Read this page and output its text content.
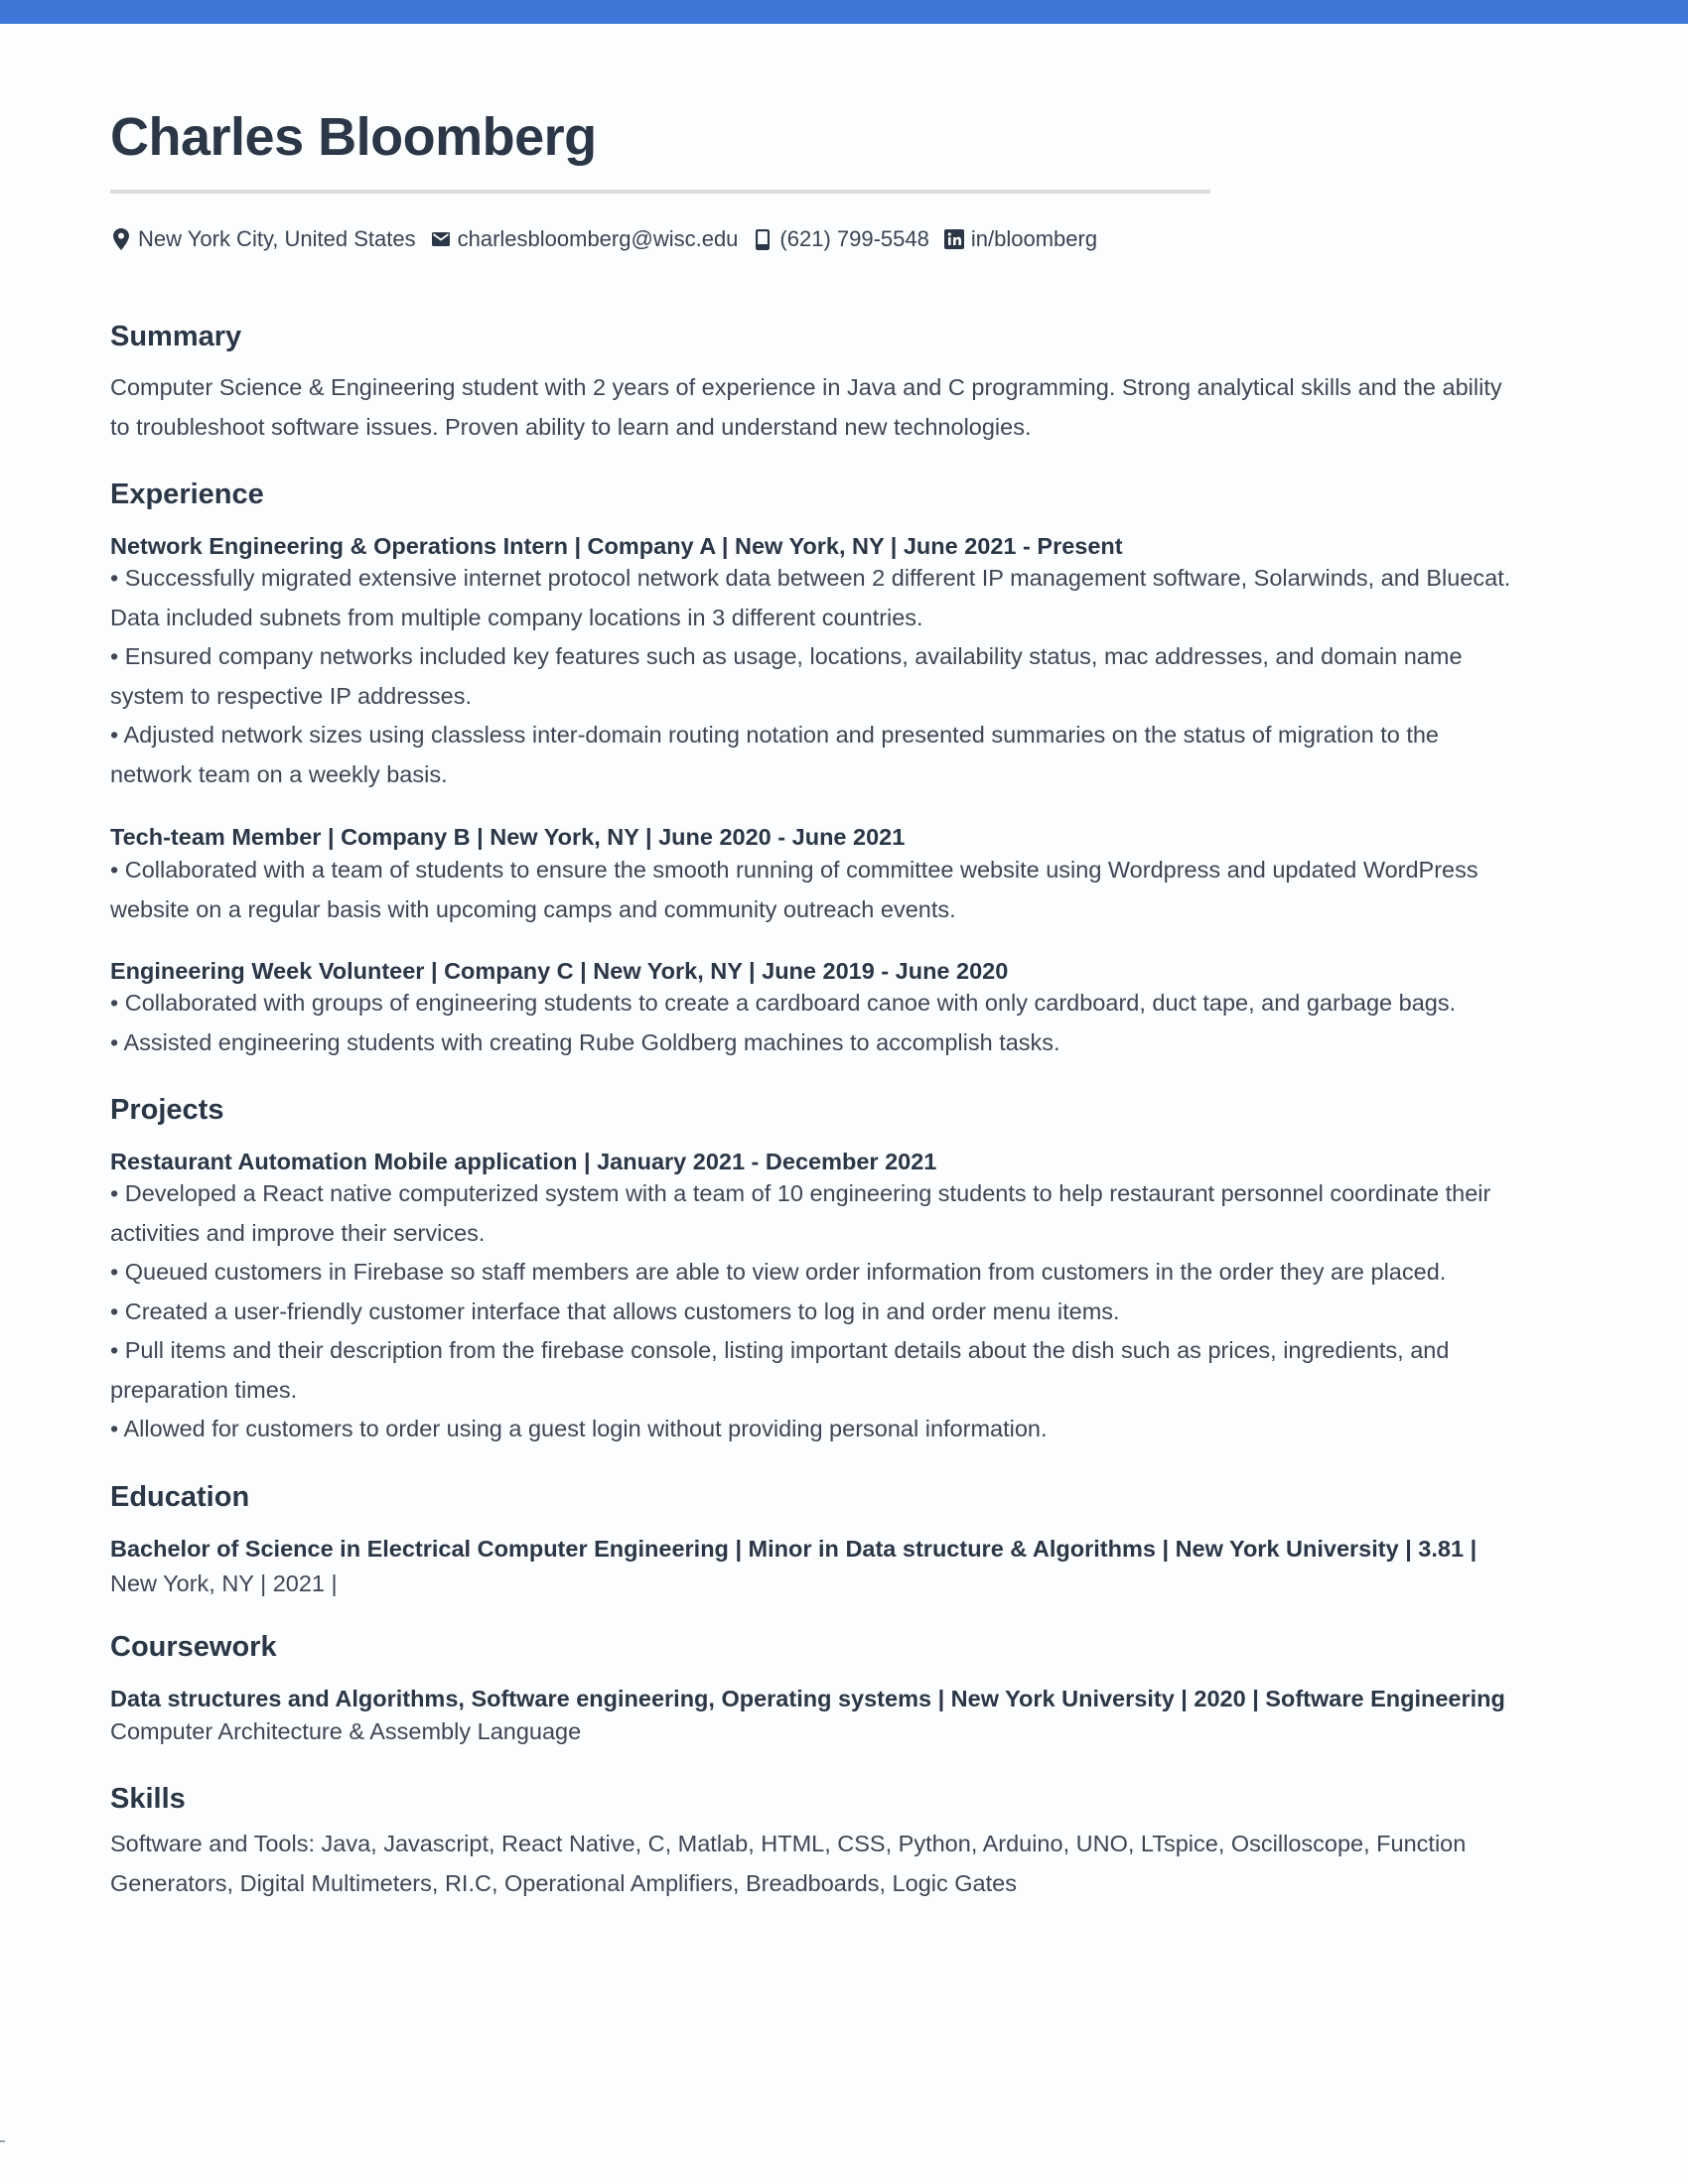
Charles Bloomberg
New York City, United States charlesbloomberg@wisc.edu (621) 799-5548 in/bloomberg
Summary
Computer Science & Engineering student with 2 years of experience in Java and C programming. Strong analytical skills and the ability
to troubleshoot software issues. Proven ability to learn and understand new technologies.
Experience
Network Engineering & Operations Intern | Company A | New York, NY | June 2021 - Present
• Successfully migrated extensive internet protocol network data between 2 different IP management software, Solarwinds, and Bluecat.
Data included subnets from multiple company locations in 3 different countries.
• Ensured company networks included key features such as usage, locations, availability status, mac addresses, and domain name
system to respective IP addresses.
• Adjusted network sizes using classless inter-domain routing notation and presented summaries on the status of migration to the
network team on a weekly basis.
Tech-team Member | Company B | New York, NY | June 2020 - June 2021
• Collaborated with a team of students to ensure the smooth running of committee website using Wordpress and updated WordPress
website on a regular basis with upcoming camps and community outreach events.
Engineering Week Volunteer | Company C | New York, NY | June 2019 - June 2020
• Collaborated with groups of engineering students to create a cardboard canoe with only cardboard, duct tape, and garbage bags.
• Assisted engineering students with creating Rube Goldberg machines to accomplish tasks.
Projects
Restaurant Automation Mobile application | January 2021 - December 2021
• Developed a React native computerized system with a team of 10 engineering students to help restaurant personnel coordinate their
activities and improve their services.
• Queued customers in Firebase so staff members are able to view order information from customers in the order they are placed.
• Created a user-friendly customer interface that allows customers to log in and order menu items.
• Pull items and their description from the firebase console, listing important details about the dish such as prices, ingredients, and
preparation times.
• Allowed for customers to order using a guest login without providing personal information.
Education
Bachelor of Science in Electrical Computer Engineering | Minor in Data structure & Algorithms | New York University | 3.81 |
New York, NY | 2021 |
Coursework
Data structures and Algorithms, Software engineering, Operating systems | New York University | 2020 | Software Engineering
Computer Architecture & Assembly Language
Skills
Software and Tools: Java, Javascript, React Native, C, Matlab, HTML, CSS, Python, Arduino, UNO, LTspice, Oscilloscope, Function
Generators, Digital Multimeters, RI.C, Operational Amplifiers, Breadboards, Logic Gates
